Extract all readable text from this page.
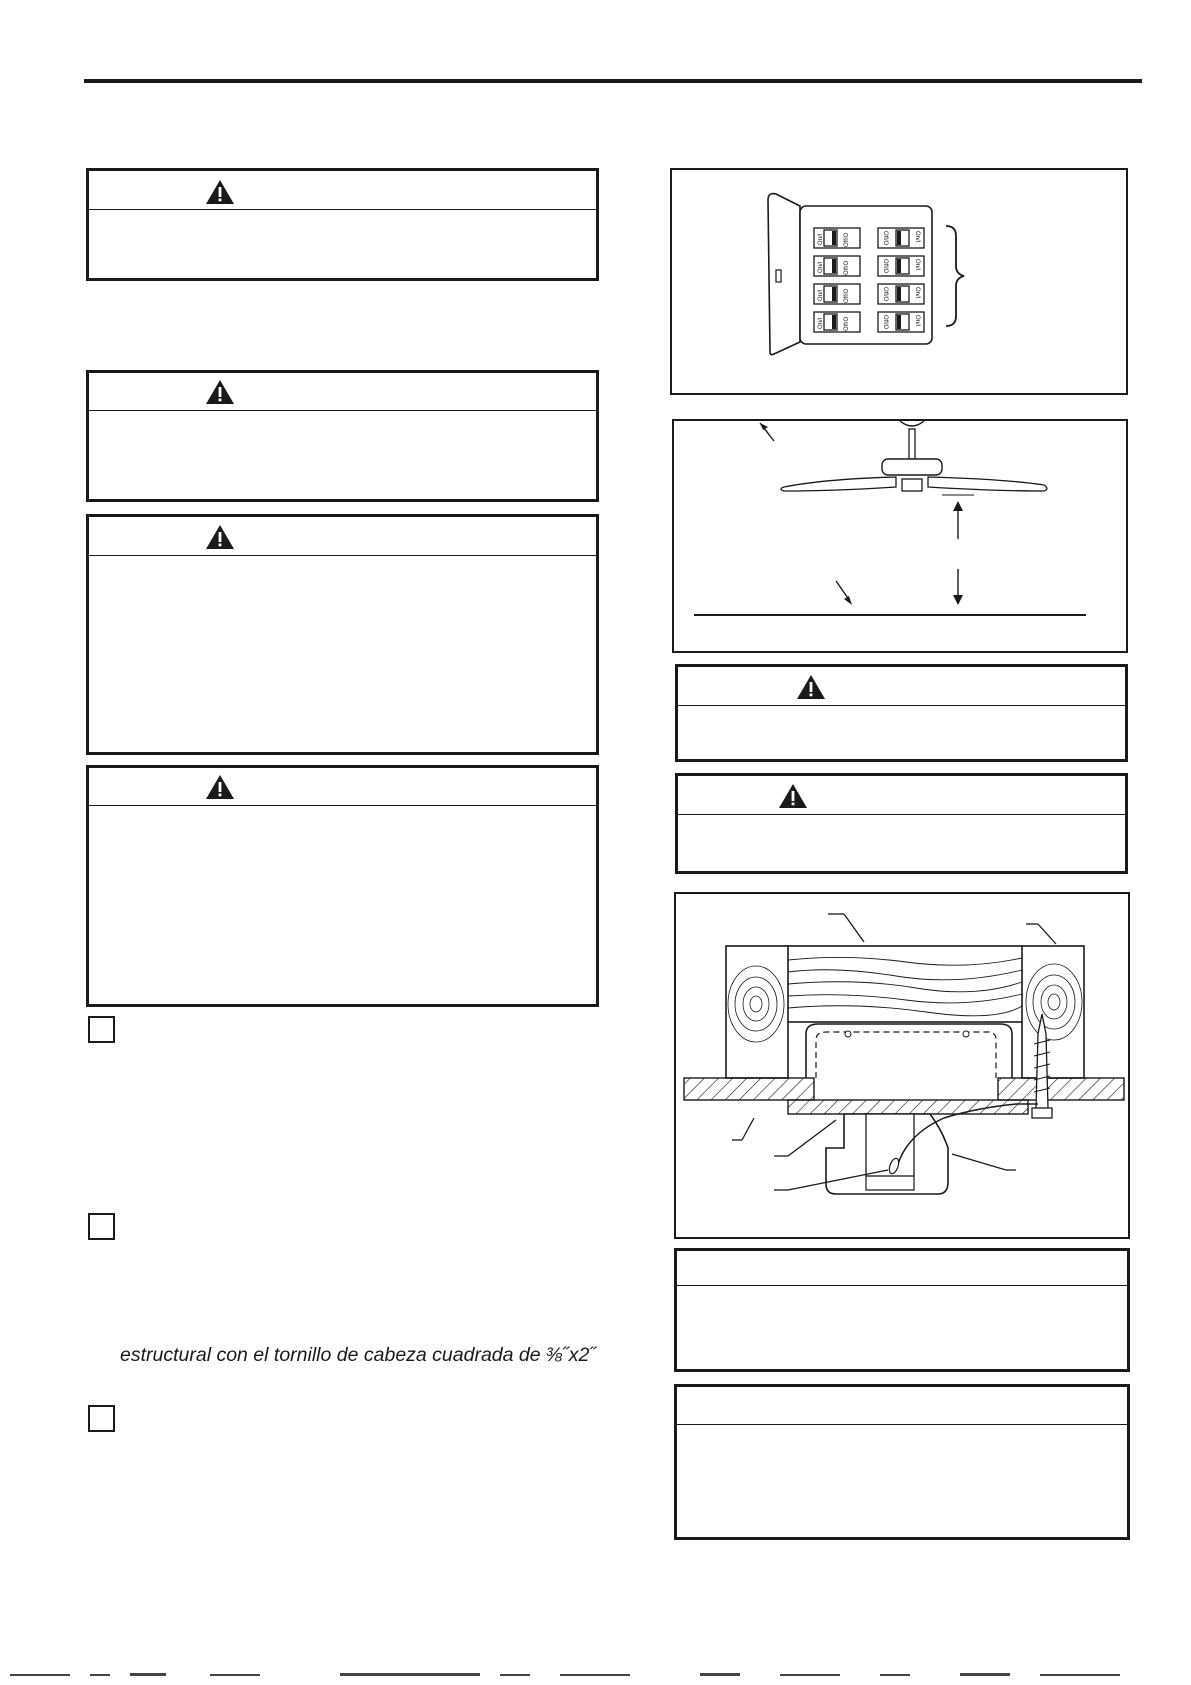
estructural con el tornillo de cabeza cuadrada de ⅜˝x2˝
On/I	Off/O
On/I	Off/O
On/I	Off/O
On/I	Off/O
Off/O	On/I
Off/O	On/I
Off/O	On/I
Off/O	On/I
